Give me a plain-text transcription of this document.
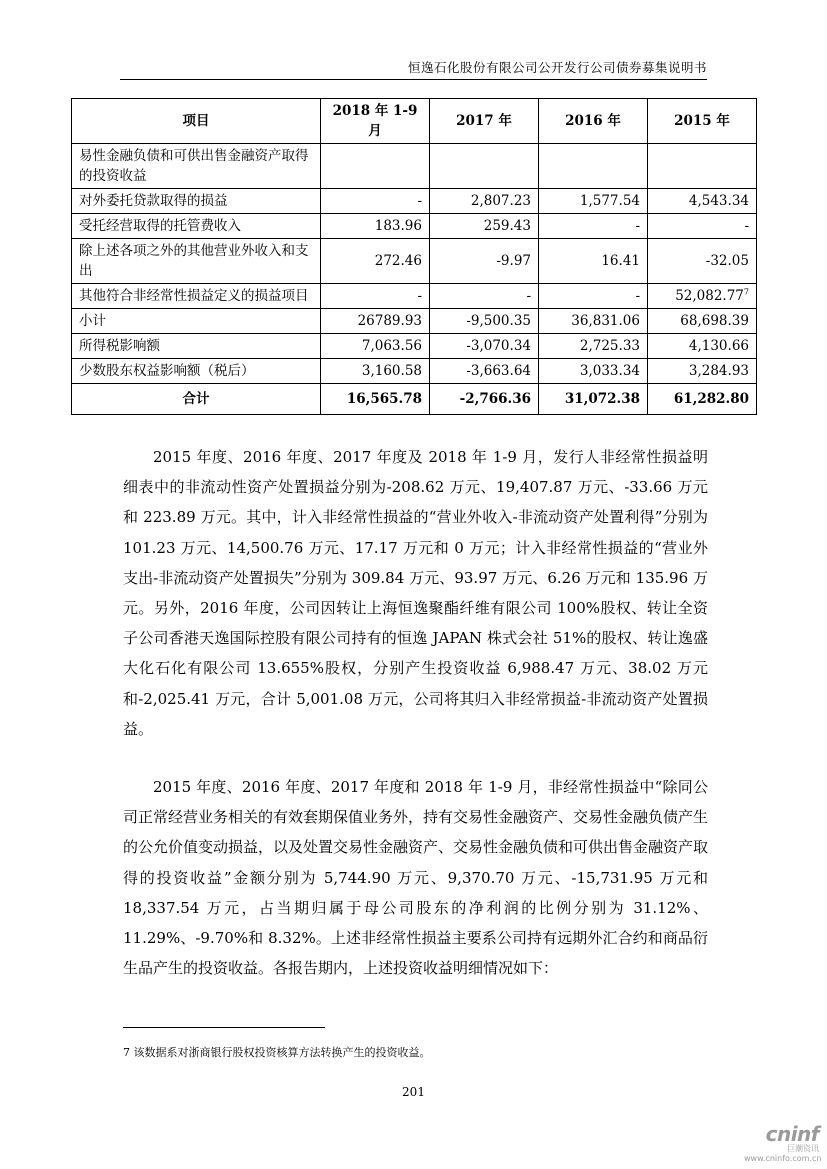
恒逸石化股份有限公司公开发行公司债券募集说明书
项目	2018 年 1-9 月	2017 年	2016 年	2015 年
易性金融负债和可供出售金融资产取得的投资收益				
对外委托贷款取得的损益	-	2,807.23	1,577.54	4,543.34
受托经营取得的托管费收入	183.96	259.43	-	-
除上述各项之外的其他营业外收入和支出	272.46	-9.97	16.41	-32.05
其他符合非经常性损益定义的损益项目	-	-	-	52,082.77$^7$
小计	26789.93	-9,500.35	36,831.06	68,698.39
所得税影响额	7,063.56	-3,070.34	2,725.33	4,130.66
少数股东权益影响额（税后）	3,160.58	-3,663.64	3,033.34	3,284.93
合计	16,565.78	-2,766.36	31,072.38	61,282.80

2015 年度、2016 年度、2017 年度及 2018 年 1-9 月，发行人非经常性损益明细表中的非流动性资产处置损益分别为-208.62 万元、19,407.87 万元、-33.66 万元和 223.89 万元。其中，计入非经常性损益的“营业外收入-非流动资产处置利得”分别为 101.23 万元、14,500.76 万元、17.17 万元和 0 万元；计入非经常性损益的“营业外支出-非流动资产处置损失”分别为 309.84 万元、93.97 万元、6.26 万元和 135.96 万元。另外，2016 年度，公司因转让上海恒逸聚酯纤维有限公司 100%股权、转让全资子公司香港天逸国际控股有限公司持有的恒逸 JAPAN 株式会社 51%的股权、转让逸盛大化石化有限公司 13.655%股权，分别产生投资收益 6,988.47 万元、38.02 万元和-2,025.41 万元，合计 5,001.08 万元，公司将其归入非经常损益-非流动资产处置损益。

2015 年度、2016 年度、2017 年度和 2018 年 1-9 月，非经常性损益中“除同公司正常经营业务相关的有效套期保值业务外，持有交易性金融资产、交易性金融负债产生的公允价值变动损益，以及处置交易性金融资产、交易性金融负债和可供出售金融资产取得的投资收益”金额分别为 5,744.90 万元、9,370.70 万元、-15,731.95 万元和 18,337.54 万元，占当期归属于母公司股东的净利润的比例分别为 31.12%、11.29%、-9.70%和 8.32%。上述非经常性损益主要系公司持有远期外汇合约和商品衍生品产生的投资收益。各报告期内，上述投资收益明细情况如下：

7 该数据系对浙商银行股权投资核算方法转换产生的投资收益。
201
cninf
巨潮资讯
www.cninfo.com.cn
